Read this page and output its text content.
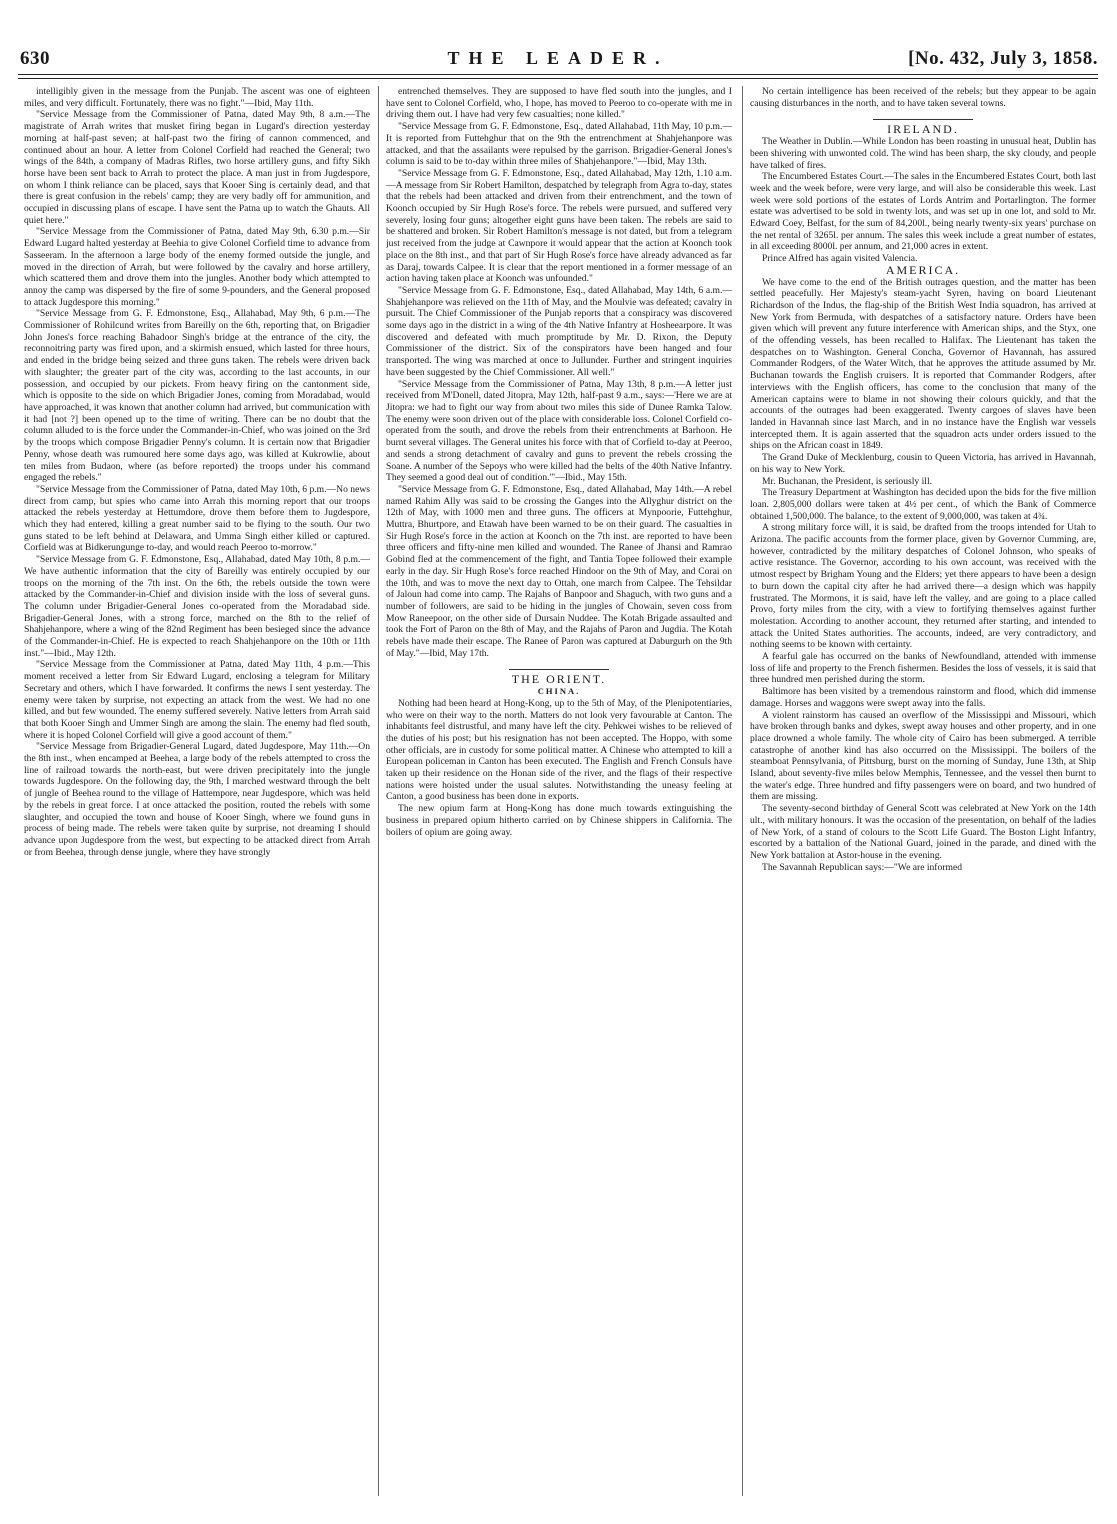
630	THE LEADER.	[No. 432, July 3, 1858.

intelligibly given in the message from the Punjab. The ascent was one of eighteen miles, and very difficult. Fortunately, there was no fight."—Ibid, May 11th.

"Service Message from the Commissioner of Patna, dated May 9th, 8 a.m.—The magistrate of Arrah writes that musket firing began in Lugard's direction yesterday morning at half-past seven; at half-past two the firing of cannon commenced, and continued about an hour. A letter from Colonel Corfield had reached the General; two wings of the 84th, a company of Madras Rifles, two horse artillery guns, and fifty Sikh horse have been sent back to Arrah to protect the place. A man just in from Jugdespore, on whom I think reliance can be placed, says that Kooer Sing is certainly dead, and that there is great confusion in the rebels' camp; they are very badly off for ammunition, and occupied in discussing plans of escape. I have sent the Patna up to watch the Ghauts. All quiet here."

"Service Message from the Commissioner of Patna, dated May 9th, 6.30 p.m.—Sir Edward Lugard halted yesterday at Beehia to give Colonel Corfield time to advance from Sasseeram. In the afternoon a large body of the enemy formed outside the jungle, and moved in the direction of Arrah, but were followed by the cavalry and horse artillery, which scattered them and drove them into the jungles. Another body which attempted to annoy the camp was dispersed by the fire of some 9-pounders, and the General proposed to attack Jugdespore this morning."

"Service Message from G. F. Edmonstone, Esq., Allahabad, May 9th, 6 p.m.—The Commissioner of Rohilcund writes from Bareilly on the 6th, reporting that, on Brigadier John Jones's force reaching Bahadoor Singh's bridge at the entrance of the city, the reconnoitring party was fired upon, and a skirmish ensued, which lasted for three hours, and ended in the bridge being seized and three guns taken. The rebels were driven back with slaughter; the greater part of the city was, according to the last accounts, in our possession, and occupied by our pickets. From heavy firing on the cantonment side, which is opposite to the side on which Brigadier Jones, coming from Moradabad, would have approached, it was known that another column had arrived, but communication with it had [not ?] been opened up to the time of writing. There can be no doubt that the column alluded to is the force under the Commander-in-Chief, who was joined on the 3rd by the troops which compose Brigadier Penny's column. It is certain now that Brigadier Penny, whose death was rumoured here some days ago, was killed at Kukrowlie, about ten miles from Budaon, where (as before reported) the troops under his command engaged the rebels."

"Service Message from the Commissioner of Patna, dated May 10th, 6 p.m.—No news direct from camp, but spies who came into Arrah this morning report that our troops attacked the rebels yesterday at Hettumdore, drove them before them to Jugdespore, which they had entered, killing a great number said to be flying to the south. Our two guns stated to be left behind at Delawara, and Umma Singh either killed or captured. Corfield was at Bidkerungunge to-day, and would reach Peeroo to-morrow."

"Service Message from G. F. Edmonstone, Esq., Allahabad, dated May 10th, 8 p.m.—We have authentic information that the city of Bareilly was entirely occupied by our troops on the morning of the 7th inst. On the 6th, the rebels outside the town were attacked by the Commander-in-Chief and division inside with the loss of several guns. The column under Brigadier-General Jones co-operated from the Moradabad side. Brigadier-General Jones, with a strong force, marched on the 8th to the relief of Shahjehanpore, where a wing of the 82nd Regiment has been besieged since the advance of the Commander-in-Chief. He is expected to reach Shahjehanpore on the 10th or 11th inst."—Ibid., May 12th.

"Service Message from the Commissioner at Patna, dated May 11th, 4 p.m.—This moment received a letter from Sir Edward Lugard, enclosing a telegram for Military Secretary and others, which I have forwarded. It confirms the news I sent yesterday. The enemy were taken by surprise, not expecting an attack from the west. We had no one killed, and but few wounded. The enemy suffered severely. Native letters from Arrah said that both Kooer Singh and Ummer Singh are among the slain. The enemy had fled south, where it is hoped Colonel Corfield will give a good account of them."

"Service Message from Brigadier-General Lugard, dated Jugdespore, May 11th.—On the 8th inst., when encamped at Beehea, a large body of the rebels attempted to cross the line of railroad towards the north-east, but were driven precipitately into the jungle towards Jugdespore. On the following day, the 9th, I marched westward through the belt of jungle of Beehea round to the village of Hattempore, near Jugdespore, which was held by the rebels in great force. I at once attacked the position, routed the rebels with some slaughter, and occupied the town and house of Kooer Singh, where we found guns in process of being made. The rebels were taken quite by surprise, not dreaming I should advance upon Jugdespore from the west, but expecting to be attacked direct from Arrah or from Beehea, through dense jungle, where they have strongly

entrenched themselves. They are supposed to have fled south into the jungles, and I have sent to Colonel Corfield, who, I hope, has moved to Peeroo to co-operate with me in driving them out. I have had very few casualties; none killed."

"Service Message from G. F. Edmonstone, Esq., dated Allahabad, 11th May, 10 p.m.—It is reported from Futtehghur that on the 9th the entrenchment at Shahjehanpore was attacked, and that the assailants were repulsed by the garrison. Brigadier-General Jones's column is said to be to-day within three miles of Shahjehanpore."—Ibid, May 13th.

"Service Message from G. F. Edmonstone, Esq., dated Allahabad, May 12th, 1.10 a.m.—A message from Sir Robert Hamilton, despatched by telegraph from Agra to-day, states that the rebels had been attacked and driven from their entrenchment, and the town of Koonch occupied by Sir Hugh Rose's force. The rebels were pursued, and suffered very severely, losing four guns; altogether eight guns have been taken. The rebels are said to be shattered and broken. Sir Robert Hamilton's message is not dated, but from a telegram just received from the judge at Cawnpore it would appear that the action at Koonch took place on the 8th inst., and that part of Sir Hugh Rose's force have already advanced as far as Daraj, towards Calpee. It is clear that the report mentioned in a former message of an action having taken place at Koonch was unfounded."

"Service Message from G. F. Edmonstone, Esq., dated Allahabad, May 14th, 6 a.m.—Shahjehanpore was relieved on the 11th of May, and the Moulvie was defeated; cavalry in pursuit. The Chief Commissioner of the Punjab reports that a conspiracy was discovered some days ago in the district in a wing of the 4th Native Infantry at Hosheearpore. It was discovered and defeated with much promptitude by Mr. D. Rixon, the Deputy Commissioner of the district. Six of the conspirators have been hanged and four transported. The wing was marched at once to Jullunder. Further and stringent inquiries have been suggested by the Chief Commissioner. All well."

"Service Message from the Commissioner of Patna, May 13th, 8 p.m.—A letter just received from M'Donell, dated Jitopra, May 12th, half-past 9 a.m., says:—'Here we are at Jitopra: we had to fight our way from about two miles this side of Dunee Ramka Talow. The enemy were soon driven out of the place with considerable loss. Colonel Corfield co-operated from the south, and drove the rebels from their entrenchments at Barhoon. He burnt several villages. The General unites his force with that of Corfield to-day at Peeroo, and sends a strong detachment of cavalry and guns to prevent the rebels crossing the Soane. A number of the Sepoys who were killed had the belts of the 40th Native Infantry. They seemed a good deal out of condition.'"—Ibid., May 15th.

"Service Message from G. F. Edmonstone, Esq., dated Allahabad, May 14th.—A rebel named Rahim Ally was said to be crossing the Ganges into the Allyghur district on the 12th of May, with 1000 men and three guns. The officers at Mynpoorie, Futtehghur, Muttra, Bhurtpore, and Etawah have been warned to be on their guard. The casualties in Sir Hugh Rose's force in the action at Koonch on the 7th inst. are reported to have been three officers and fifty-nine men killed and wounded. The Ranee of Jhansi and Ramrao Gobind fled at the commencement of the fight, and Tantia Topee followed their example early in the day. Sir Hugh Rose's force reached Hindoor on the 9th of May, and Corai on the 10th, and was to move the next day to Ottah, one march from Calpee. The Tehsildar of Jaloun had come into camp. The Rajahs of Banpoor and Shaguch, with two guns and a number of followers, are said to be hiding in the jungles of Chowain, seven coss from Mow Raneepoor, on the other side of Dursain Nuddee. The Kotah Brigade assaulted and took the Fort of Paron on the 8th of May, and the Rajahs of Paron and Jugdia. The Kotah rebels have made their escape. The Ranee of Paron was captured at Daburgurh on the 9th of May."—Ibid, May 17th.

THE ORIENT.

CHINA.

Nothing had been heard at Hong-Kong, up to the 5th of May, of the Plenipotentiaries, who were on their way to the north. Matters do not look very favourable at Canton. The inhabitants feel distrustful, and many have left the city. Pehkwei wishes to be relieved of the duties of his post; but his resignation has not been accepted. The Hoppo, with some other officials, are in custody for some political matter. A Chinese who attempted to kill a European policeman in Canton has been executed. The English and French Consuls have taken up their residence on the Honan side of the river, and the flags of their respective nations were hoisted under the usual salutes. Notwithstanding the uneasy feeling at Canton, a good business has been done in exports.

The new opium farm at Hong-Kong has done much towards extinguishing the business in prepared opium hitherto carried on by Chinese shippers in California. The boilers of opium are going away.

No certain intelligence has been received of the rebels; but they appear to be again causing disturbances in the north, and to have taken several towns.

IRELAND.

The Weather in Dublin.—While London has been roasting in unusual heat, Dublin has been shivering with unwonted cold. The wind has been sharp, the sky cloudy, and people have talked of fires.

The Encumbered Estates Court.—The sales in the Encumbered Estates Court, both last week and the week before, were very large, and will also be considerable this week. Last week were sold portions of the estates of Lords Antrim and Portarlington. The former estate was advertised to be sold in twenty lots, and was set up in one lot, and sold to Mr. Edward Coey, Belfast, for the sum of 84,200l., being nearly twenty-six years' purchase on the net rental of 3265l. per annum. The sales this week include a great number of estates, in all exceeding 8000l. per annum, and 21,000 acres in extent.

Prince Alfred has again visited Valencia.

AMERICA.

We have come to the end of the British outrages question, and the matter has been settled peacefully. Her Majesty's steam-yacht Syren, having on board Lieutenant Richardson of the Indus, the flag-ship of the British West India squadron, has arrived at New York from Bermuda, with despatches of a satisfactory nature. Orders have been given which will prevent any future interference with American ships, and the Styx, one of the offending vessels, has been recalled to Halifax. The Lieutenant has taken the despatches on to Washington. General Concha, Governor of Havannah, has assured Commander Rodgers, of the Water Witch, that he approves the attitude assumed by Mr. Buchanan towards the English cruisers. It is reported that Commander Rodgers, after interviews with the English officers, has come to the conclusion that many of the American captains were to blame in not showing their colours quickly, and that the accounts of the outrages had been exaggerated. Twenty cargoes of slaves have been landed in Havannah since last March, and in no instance have the English war vessels intercepted them. It is again asserted that the squadron acts under orders issued to the ships on the African coast in 1849.

The Grand Duke of Mecklenburg, cousin to Queen Victoria, has arrived in Havannah, on his way to New York.

Mr. Buchanan, the President, is seriously ill.

The Treasury Department at Washington has decided upon the bids for the five million loan. 2,805,000 dollars were taken at 4½ per cent., of which the Bank of Commerce obtained 1,500,000. The balance, to the extent of 9,000,000, was taken at 4¾.

A strong military force will, it is said, be drafted from the troops intended for Utah to Arizona. The pacific accounts from the former place, given by Governor Cumming, are, however, contradicted by the military despatches of Colonel Johnson, who speaks of active resistance. The Governor, according to his own account, was received with the utmost respect by Brigham Young and the Elders; yet there appears to have been a design to burn down the capital city after he had arrived there—a design which was happily frustrated. The Mormons, it is said, have left the valley, and are going to a place called Provo, forty miles from the city, with a view to fortifying themselves against further molestation. According to another account, they returned after starting, and intended to attack the United States authorities. The accounts, indeed, are very contradictory, and nothing seems to be known with certainty.

A fearful gale has occurred on the banks of Newfoundland, attended with immense loss of life and property to the French fishermen. Besides the loss of vessels, it is said that three hundred men perished during the storm.

Baltimore has been visited by a tremendous rainstorm and flood, which did immense damage. Horses and waggons were swept away into the falls.

A violent rainstorm has caused an overflow of the Mississippi and Missouri, which have broken through banks and dykes, swept away houses and other property, and in one place drowned a whole family. The whole city of Cairo has been submerged. A terrible catastrophe of another kind has also occurred on the Mississippi. The boilers of the steamboat Pennsylvania, of Pittsburg, burst on the morning of Sunday, June 13th, at Ship Island, about seventy-five miles below Memphis, Tennessee, and the vessel then burnt to the water's edge. Three hundred and fifty passengers were on board, and two hundred of them are missing.

The seventy-second birthday of General Scott was celebrated at New York on the 14th ult., with military honours. It was the occasion of the presentation, on behalf of the ladies of New York, of a stand of colours to the Scott Life Guard. The Boston Light Infantry, escorted by a battalion of the National Guard, joined in the parade, and dined with the New York battalion at Astor-house in the evening.

The Savannah Republican says:—"We are informed
